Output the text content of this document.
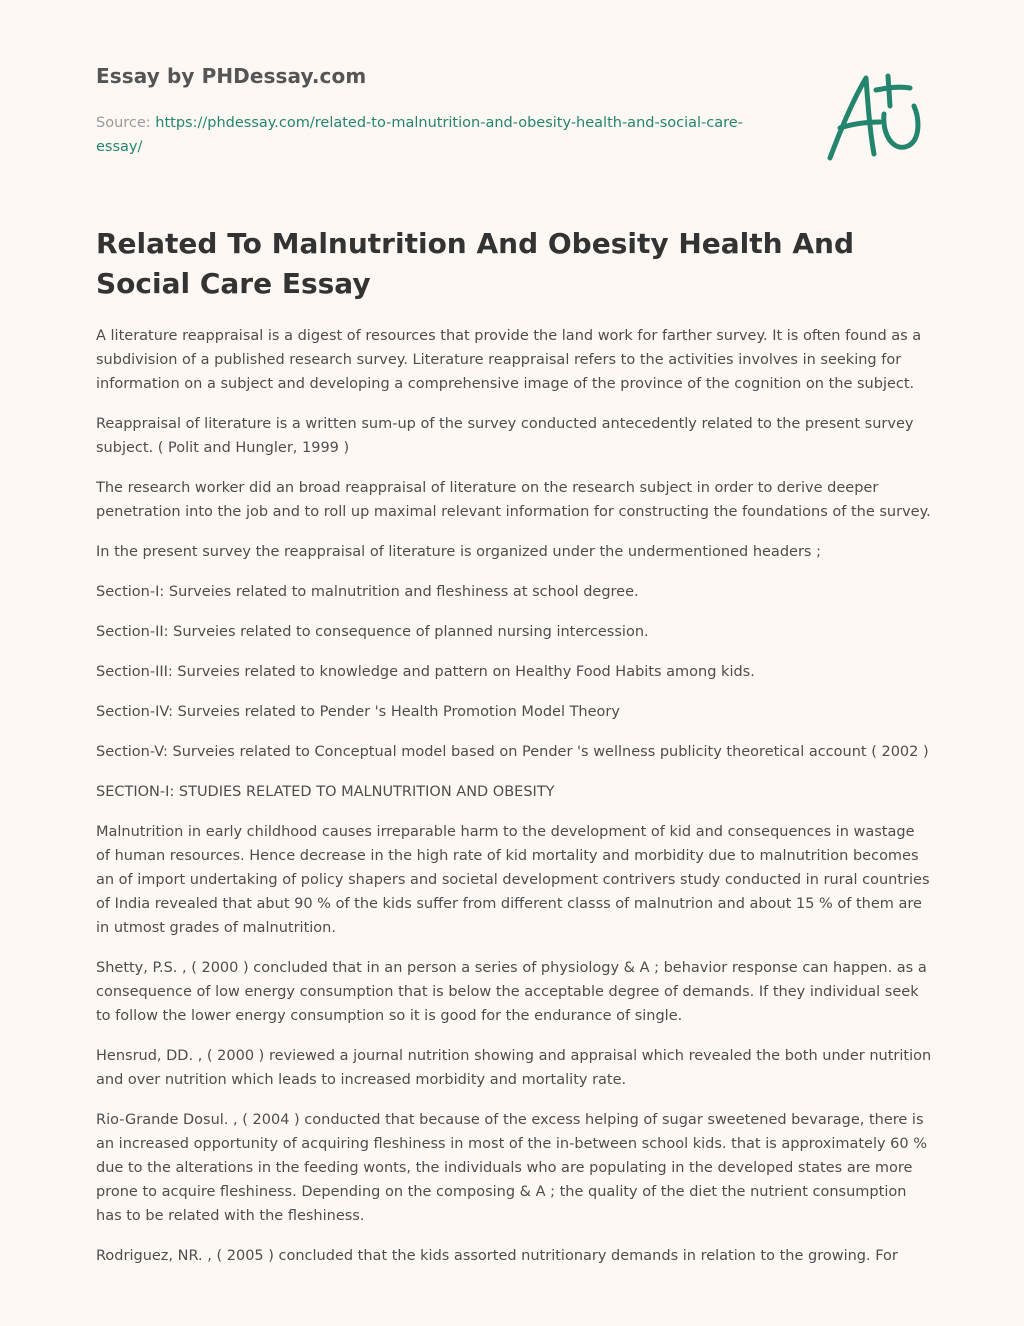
Essay by PHDessay.com
Source: https://phdessay.com/related-to-malnutrition-and-obesity-health-and-social-care-essay/
Related To Malnutrition And Obesity Health And Social Care Essay

A literature reappraisal is a digest of resources that provide the land work for farther survey. It is often found as a subdivision of a published research survey. Literature reappraisal refers to the activities involves in seeking for information on a subject and developing a comprehensive image of the province of the cognition on the subject.

Reappraisal of literature is a written sum-up of the survey conducted antecedently related to the present survey subject. ( Polit and Hungler, 1999 )

The research worker did an broad reappraisal of literature on the research subject in order to derive deeper penetration into the job and to roll up maximal relevant information for constructing the foundations of the survey.

In the present survey the reappraisal of literature is organized under the undermentioned headers ;

Section-I: Surveies related to malnutrition and fleshiness at school degree.

Section-II: Surveies related to consequence of planned nursing intercession.

Section-III: Surveies related to knowledge and pattern on Healthy Food Habits among kids.

Section-IV: Surveies related to Pender 's Health Promotion Model Theory

Section-V: Surveies related to Conceptual model based on Pender 's wellness publicity theoretical account ( 2002 )

SECTION-I: STUDIES RELATED TO MALNUTRITION AND OBESITY

Malnutrition in early childhood causes irreparable harm to the development of kid and consequences in wastage of human resources. Hence decrease in the high rate of kid mortality and morbidity due to malnutrition becomes an of import undertaking of policy shapers and societal development contrivers study conducted in rural countries of India revealed that abut 90 % of the kids suffer from different classs of malnutrion and about 15 % of them are in utmost grades of malnutrition.

Shetty, P.S. , ( 2000 ) concluded that in an person a series of physiology & A ; behavior response can happen. as a consequence of low energy consumption that is below the acceptable degree of demands. If they individual seek to follow the lower energy consumption so it is good for the endurance of single.

Hensrud, DD. , ( 2000 ) reviewed a journal nutrition showing and appraisal which revealed the both under nutrition and over nutrition which leads to increased morbidity and mortality rate.

Rio-Grande Dosul. , ( 2004 ) conducted that because of the excess helping of sugar sweetened bevarage, there is an increased opportunity of acquiring fleshiness in most of the in-between school kids. that is approximately 60 % due to the alterations in the feeding wonts, the individuals who are populating in the developed states are more prone to acquire fleshiness. Depending on the composing & A ; the quality of the diet the nutrient consumption has to be related with the fleshiness.

Rodriguez, NR. , ( 2005 ) concluded that the kids assorted nutritionary demands in relation to the growing. For
